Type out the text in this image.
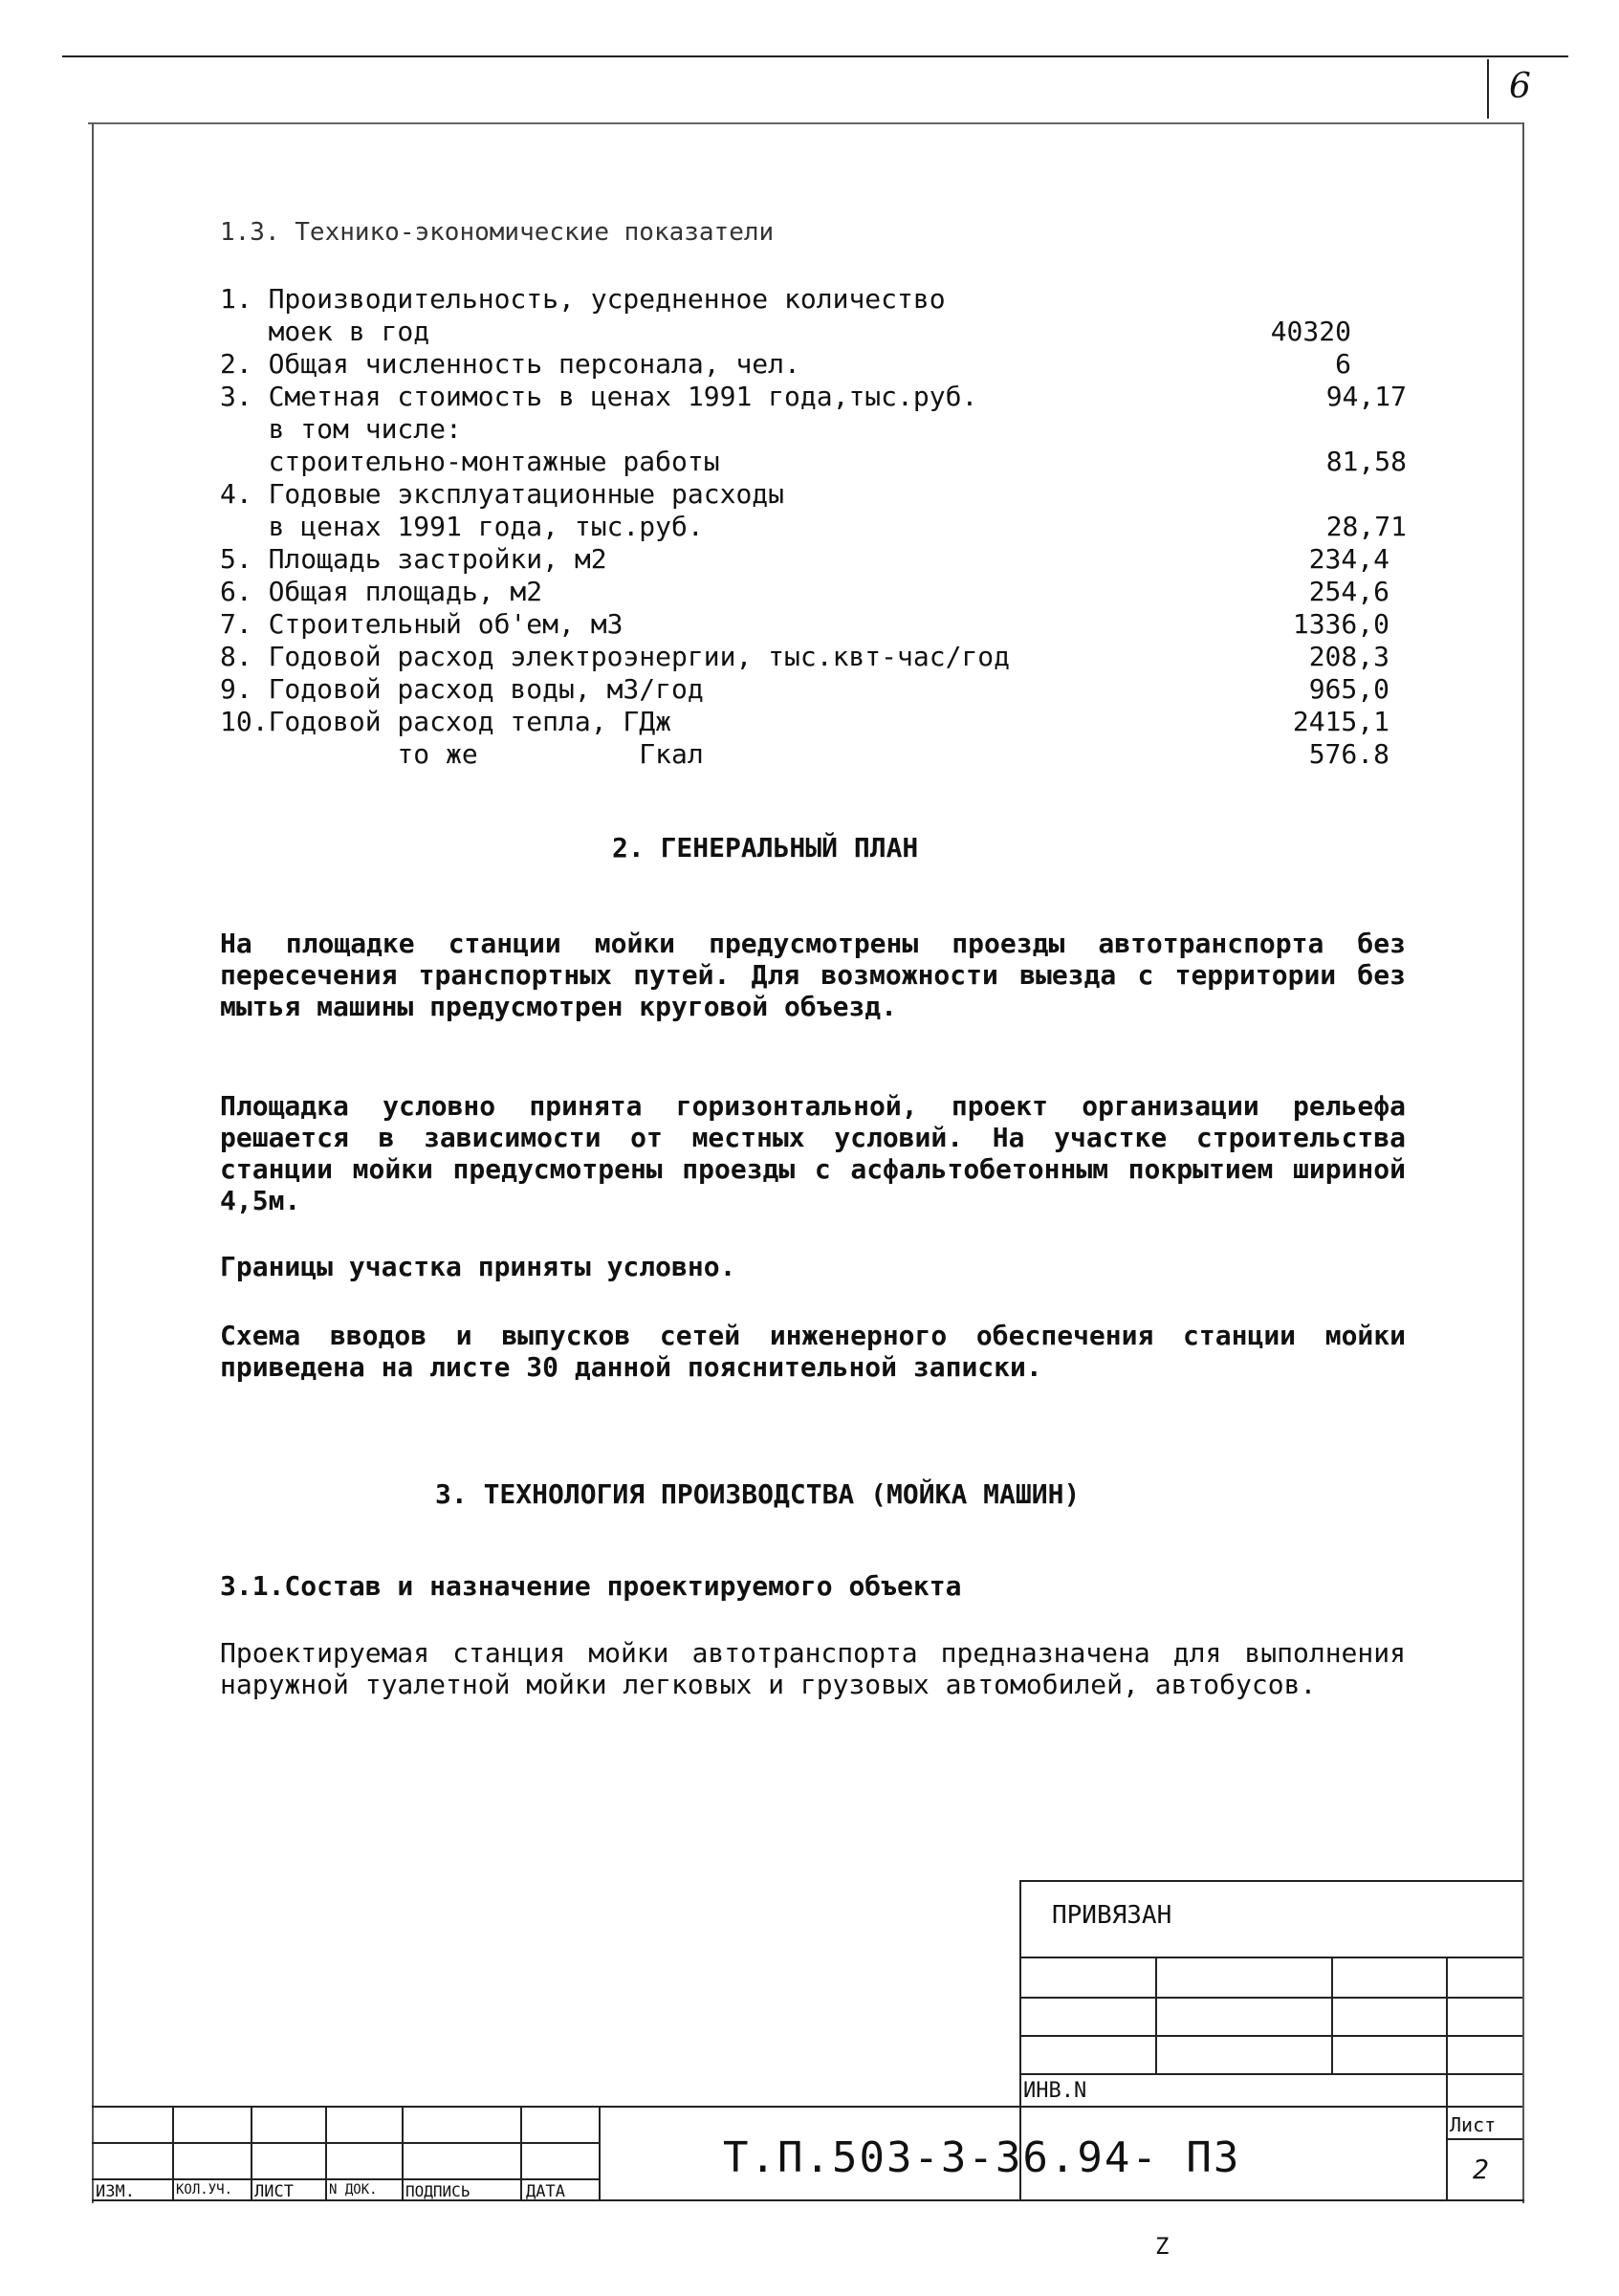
6
1.3. Технико-экономические показатели
1. Производительность, усредненное количество
моек в год	40320
2. Общая численность персонала, чел.	6
3. Сметная стоимость в ценах 1991 года,тыс.руб.	94,17
в том числе:
строительно-монтажные работы	81,58
4. Годовые эксплуатационные расходы
в ценах 1991 года, тыс.руб.	28,71
5. Площадь застройки, м2	234,4
6. Общая площадь, м2	254,6
7. Строительный об'ем, м3	1336,0
8. Годовой расход электроэнергии, тыс.квт-час/год	208,3
9. Годовой расход воды, м3/год	965,0
10.Годовой расход тепла, ГДж	2415,1
то же          Гкал	576.8
2. ГЕНЕРАЛЬНЫЙ ПЛАН
На площадке станции мойки предусмотрены проезды автотранспорта без пересечения транспортных путей. Для возможности выезда с территории без мытья машины предусмотрен круговой объезд.
Площадка условно принята горизонтальной, проект организации рельефа решается в зависимости от местных условий. На участке строительства станции мойки предусмотрены проезды с асфальтобетонным покрытием шириной 4,5м.
Границы участка приняты условно.
Схема вводов и выпусков сетей инженерного обеспечения станции мойки приведена на листе 30 данной пояснительной записки.
3. ТЕХНОЛОГИЯ ПРОИЗВОДСТВА (МОЙКА МАШИН)
3.1.Состав и назначение проектируемого объекта
Проектируемая станция мойки автотранспорта предназначена для выполнения наружной туалетной мойки легковых и грузовых автомобилей, автобусов.
ПРИВЯЗАН
ИНВ.N
ИЗМ.	КОЛ.УЧ. ЛИСТ	N ДОК. ПОДПИСЬ	ДАТА
Т.П.503-3-36.94- ПЗ
Лист
2
Z
